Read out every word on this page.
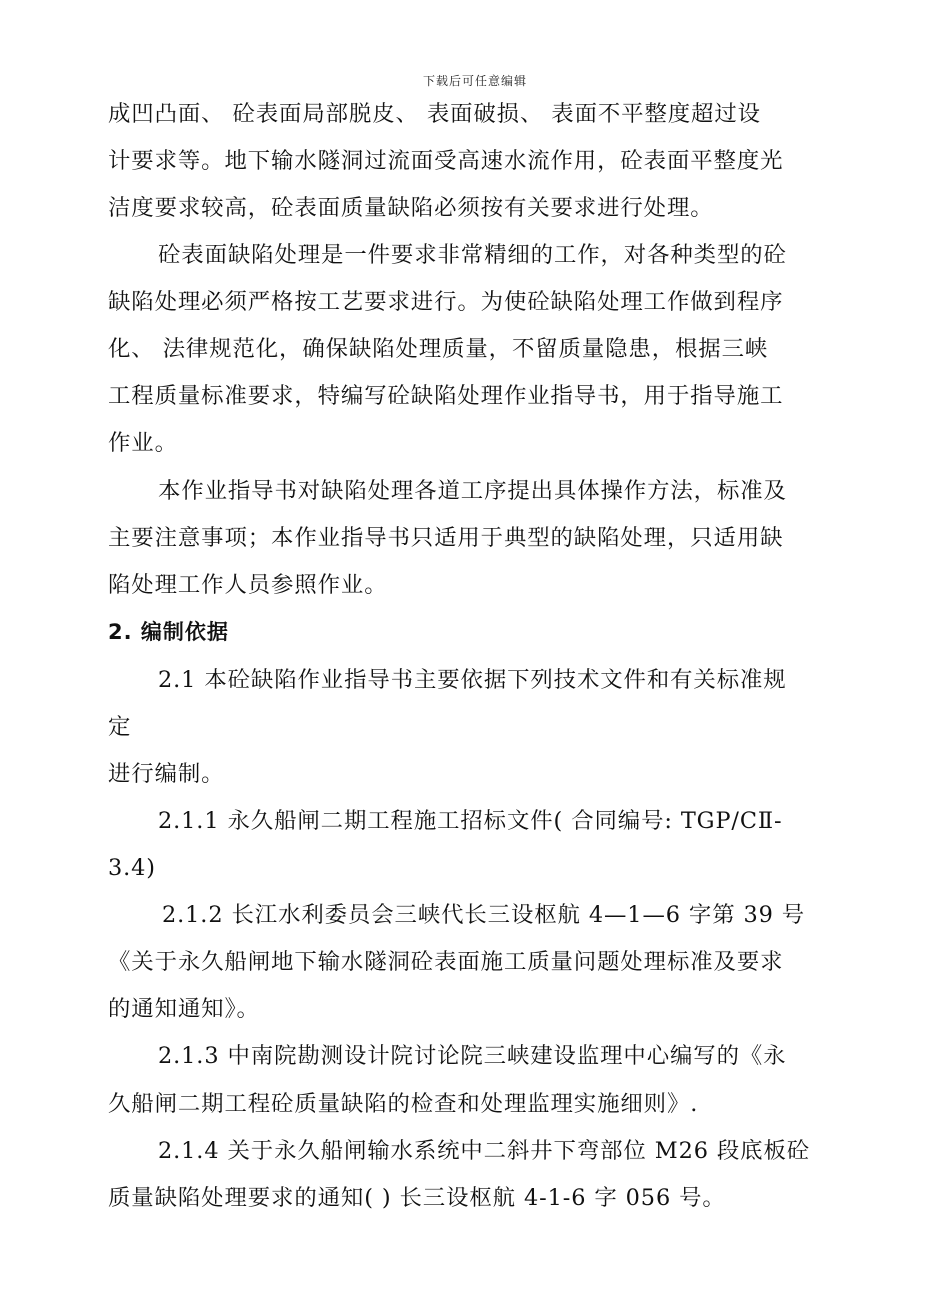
下载后可任意编辑
成凹凸面、 砼表面局部脱皮、 表面破损、 表面不平整度超过设
计要求等。地下输水隧洞过流面受高速水流作用，砼表面平整度光
洁度要求较高，砼表面质量缺陷必须按有关要求进行处理。
砼表面缺陷处理是一件要求非常精细的工作，对各种类型的砼
缺陷处理必须严格按工艺要求进行。为使砼缺陷处理工作做到程序
化、 法律规范化，确保缺陷处理质量，不留质量隐患，根据三峡
工程质量标准要求，特编写砼缺陷处理作业指导书，用于指导施工
作业。
本作业指导书对缺陷处理各道工序提出具体操作方法，标准及
主要注意事项；本作业指导书只适用于典型的缺陷处理，只适用缺
陷处理工作人员参照作业。
2. 编制依据
2.1 本砼缺陷作业指导书主要依据下列技术文件和有关标准规
定
进行编制。
2.1.1 永久船闸二期工程施工招标文件( 合同编号: TGP/CⅡ-
3.4)
2.1.2 长江水利委员会三峡代长三设枢航 4—1—6 字第 39 号
《关于永久船闸地下输水隧洞砼表面施工质量问题处理标准及要求
的通知通知》。
2.1.3 中南院勘测设计院讨论院三峡建设监理中心编写的《永
久船闸二期工程砼质量缺陷的检查和处理监理实施细则》.
2.1.4 关于永久船闸输水系统中二斜井下弯部位 M26 段底板砼
质量缺陷处理要求的通知( ) 长三设枢航 4-1-6 字 056 号。
